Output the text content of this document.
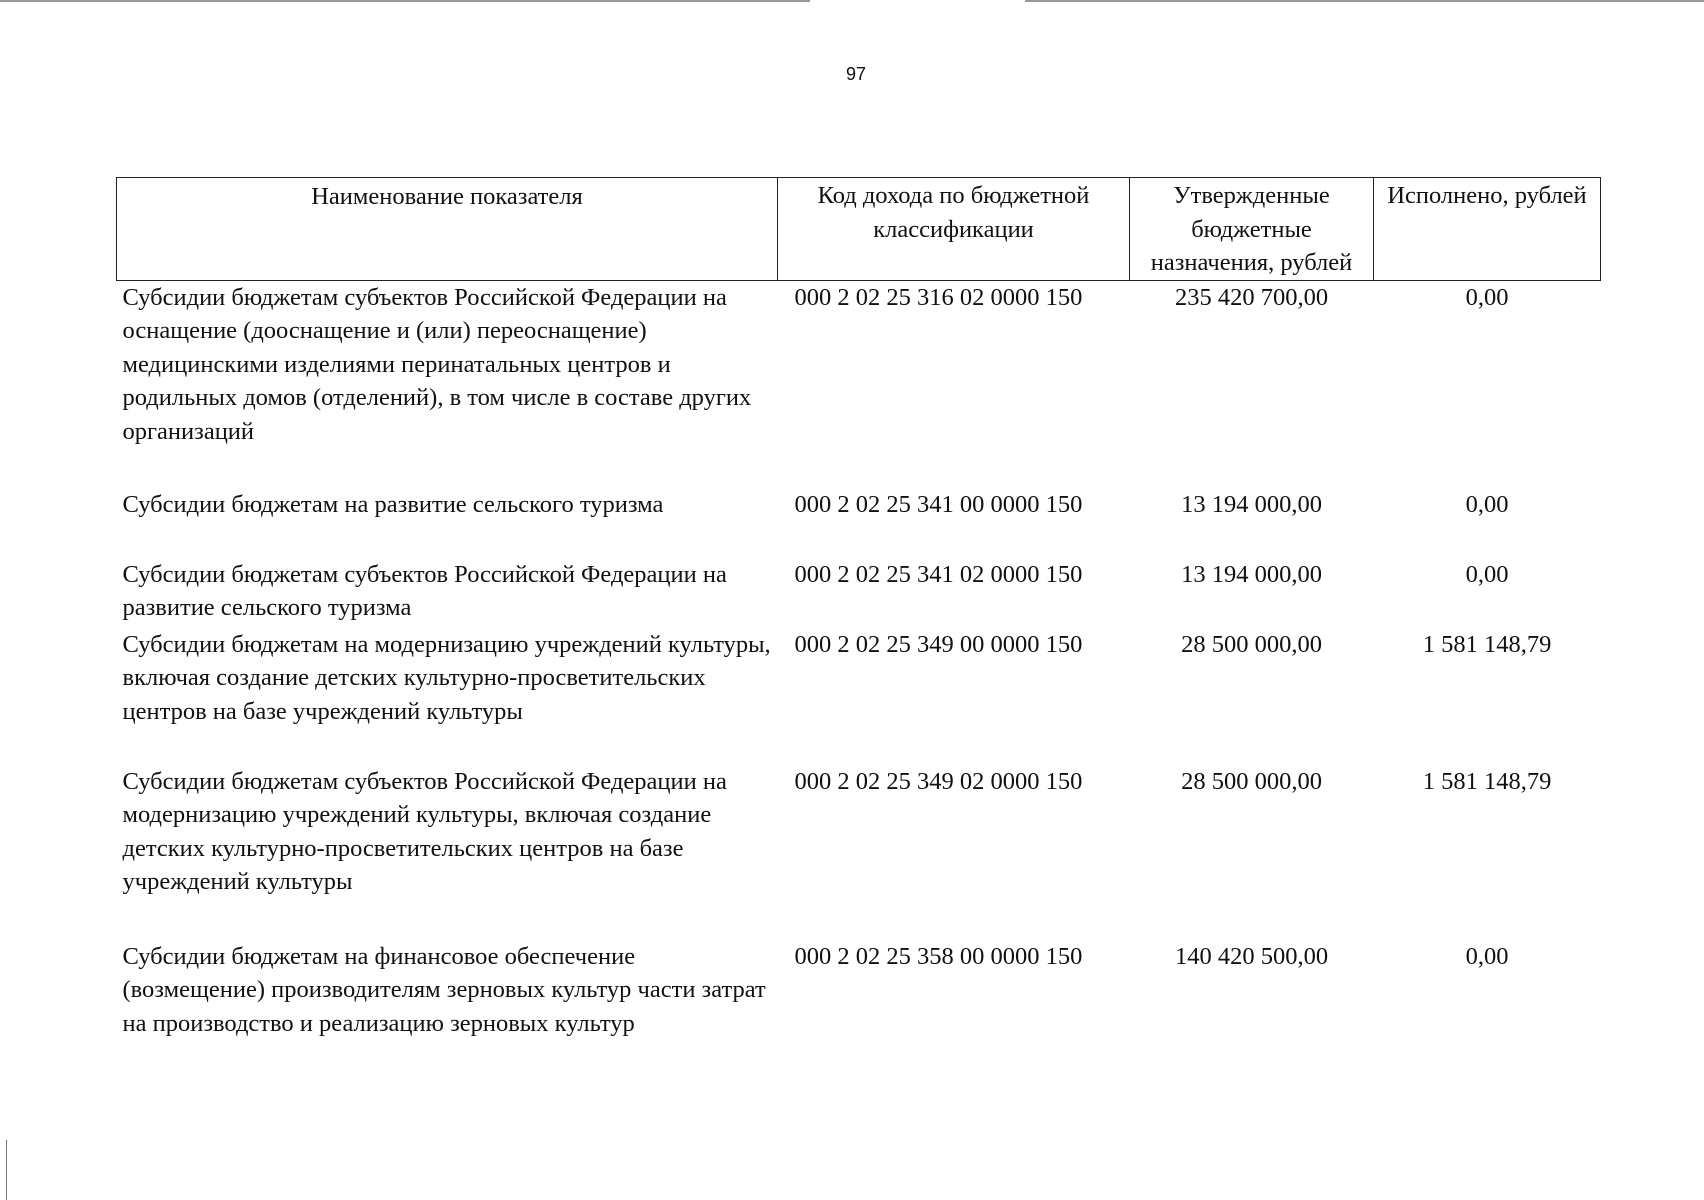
97
Наименование показателя	Код дохода по бюджетной классификации	Утвержденные бюджетные назначения, рублей	Исполнено, рублей
Субсидии бюджетам субъектов Российской Федерации на оснащение (дооснащение и (или) переоснащение) медицинскими изделиями перинатальных центров и родильных домов (отделений), в том числе в составе других организаций	000 2 02 25 316 02 0000 150	235 420 700,00	0,00
Субсидии бюджетам на развитие сельского туризма	000 2 02 25 341 00 0000 150	13 194 000,00	0,00
Субсидии бюджетам субъектов Российской Федерации на развитие сельского туризма	000 2 02 25 341 02 0000 150	13 194 000,00	0,00
Субсидии бюджетам на модернизацию учреждений культуры, включая создание детских культурно-просветительских центров на базе учреждений культуры	000 2 02 25 349 00 0000 150	28 500 000,00	1 581 148,79
Субсидии бюджетам субъектов Российской Федерации на модернизацию учреждений культуры, включая создание детских культурно-просветительских центров на базе учреждений культуры	000 2 02 25 349 02 0000 150	28 500 000,00	1 581 148,79
Субсидии бюджетам на финансовое обеспечение (возмещение) производителям зерновых культур части затрат на производство и реализацию зерновых культур	000 2 02 25 358 00 0000 150	140 420 500,00	0,00
